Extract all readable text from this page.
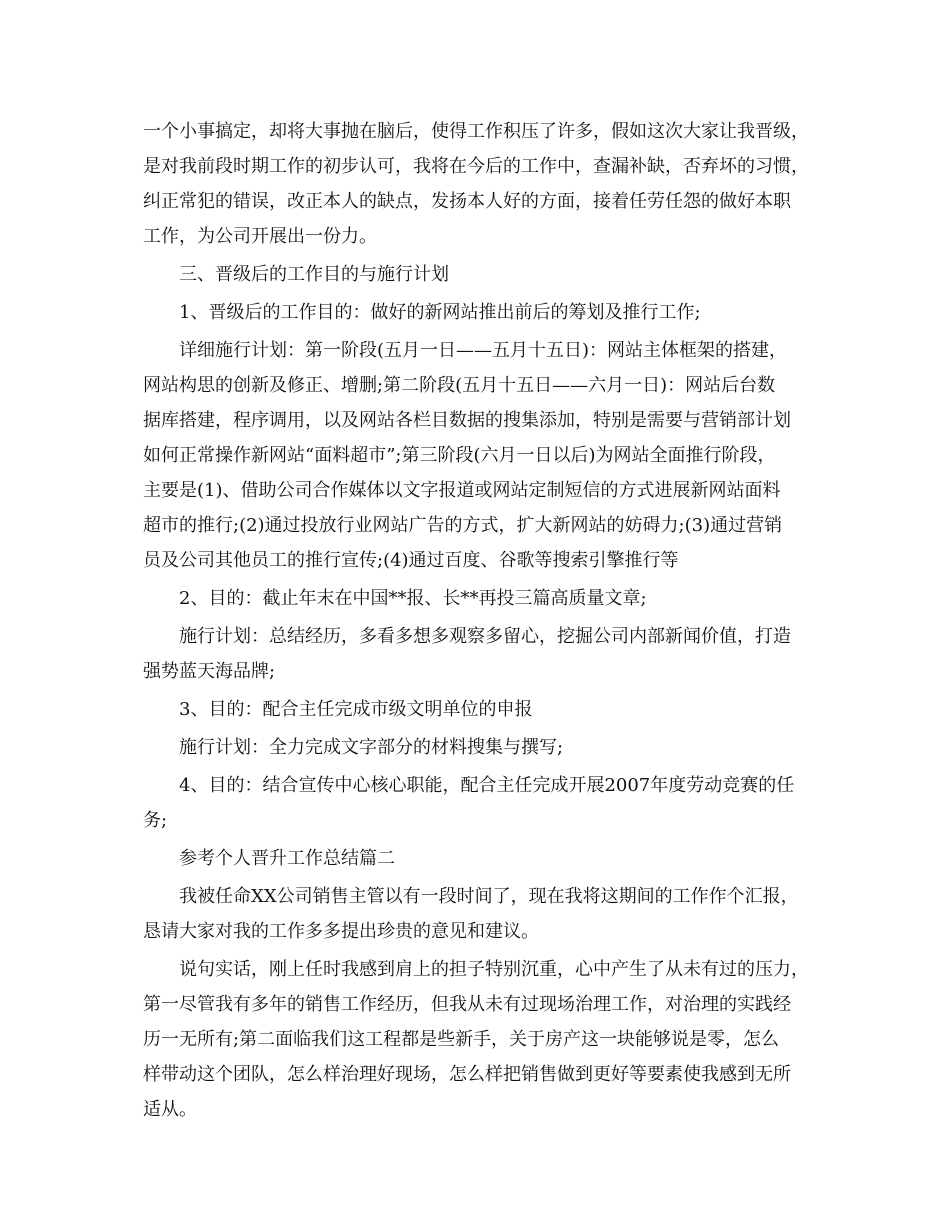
一个小事搞定，却将大事抛在脑后，使得工作积压了许多，假如这次大家让我晋级，
是对我前段时期工作的初步认可，我将在今后的工作中，查漏补缺，否弃坏的习惯，
纠正常犯的错误，改正本人的缺点，发扬本人好的方面，接着任劳任怨的做好本职
工作，为公司开展出一份力。
三、晋级后的工作目的与施行计划
1、晋级后的工作目的：做好的新网站推出前后的筹划及推行工作;
详细施行计划：第一阶段(五月一日——五月十五日)：网站主体框架的搭建，
网站构思的创新及修正、增删;第二阶段(五月十五日——六月一日)：网站后台数
据库搭建，程序调用，以及网站各栏目数据的搜集添加，特别是需要与营销部计划
如何正常操作新网站“面料超市”;第三阶段(六月一日以后)为网站全面推行阶段，
主要是(1)、借助公司合作媒体以文字报道或网站定制短信的方式进展新网站面料
超市的推行;(2)通过投放行业网站广告的方式，扩大新网站的妨碍力;(3)通过营销
员及公司其他员工的推行宣传;(4)通过百度、谷歌等搜索引擎推行等
2、目的：截止年末在中国**报、长**再投三篇高质量文章;
施行计划：总结经历，多看多想多观察多留心，挖掘公司内部新闻价值，打造
强势蓝天海品牌;
3、目的：配合主任完成市级文明单位的申报
施行计划：全力完成文字部分的材料搜集与撰写;
4、目的：结合宣传中心核心职能，配合主任完成开展2007年度劳动竞赛的任
务;
参考个人晋升工作总结篇二
我被任命XX公司销售主管以有一段时间了，现在我将这期间的工作作个汇报，
恳请大家对我的工作多多提出珍贵的意见和建议。
说句实话，刚上任时我感到肩上的担子特别沉重，心中产生了从未有过的压力，
第一尽管我有多年的销售工作经历，但我从未有过现场治理工作，对治理的实践经
历一无所有;第二面临我们这工程都是些新手，关于房产这一块能够说是零，怎么
样带动这个团队，怎么样治理好现场，怎么样把销售做到更好等要素使我感到无所
适从。
